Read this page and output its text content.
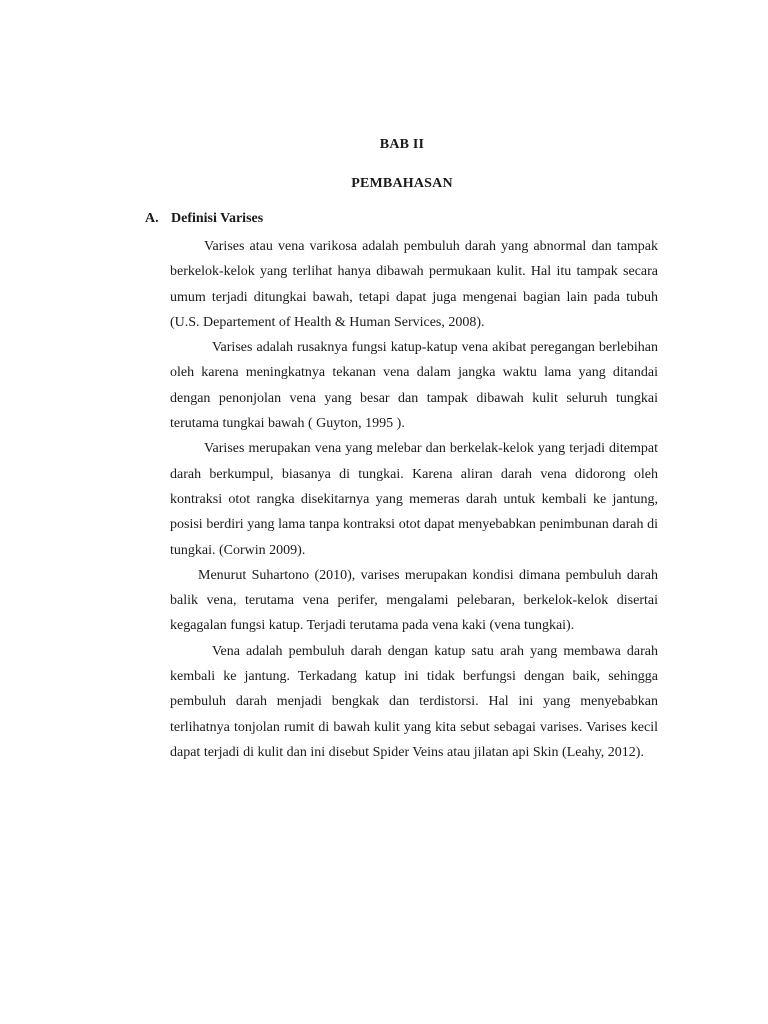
BAB II
PEMBAHASAN
A. Definisi Varises

Varises atau vena varikosa adalah pembuluh darah yang abnormal dan tampak berkelok-kelok yang terlihat hanya dibawah permukaan kulit. Hal itu tampak secara umum terjadi ditungkai bawah, tetapi dapat juga mengenai bagian lain pada tubuh (U.S. Departement of Health & Human Services, 2008).

Varises adalah rusaknya fungsi katup-katup vena akibat peregangan berlebihan oleh karena meningkatnya tekanan vena dalam jangka waktu lama yang ditandai dengan penonjolan vena yang besar dan tampak dibawah kulit seluruh tungkai terutama tungkai bawah ( Guyton, 1995 ).

Varises merupakan vena yang melebar dan berkelak-kelok yang terjadi ditempat darah berkumpul, biasanya di tungkai. Karena aliran darah vena didorong oleh kontraksi otot rangka disekitarnya yang memeras darah untuk kembali ke jantung, posisi berdiri yang lama tanpa kontraksi otot dapat menyebabkan penimbunan darah di tungkai. (Corwin 2009).

Menurut Suhartono (2010), varises merupakan kondisi dimana pembuluh darah balik vena, terutama vena perifer, mengalami pelebaran, berkelok-kelok disertai kegagalan fungsi katup. Terjadi terutama pada vena kaki (vena tungkai).

Vena adalah pembuluh darah dengan katup satu arah yang membawa darah kembali ke jantung. Terkadang katup ini tidak berfungsi dengan baik, sehingga pembuluh darah menjadi bengkak dan terdistorsi. Hal ini yang menyebabkan terlihatnya tonjolan rumit di bawah kulit yang kita sebut sebagai varises. Varises kecil dapat terjadi di kulit dan ini disebut Spider Veins atau jilatan api Skin (Leahy, 2012).
